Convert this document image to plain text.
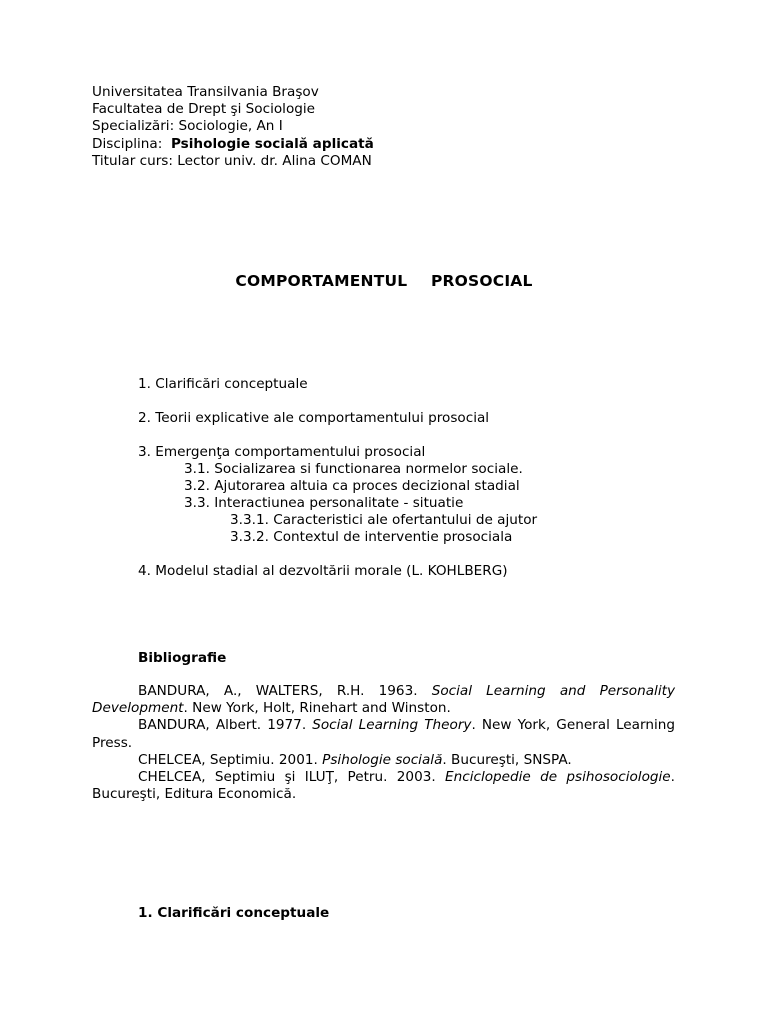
Universitatea Transilvania Braşov
Facultatea de Drept şi Sociologie
Specializări: Sociologie, An I
Disciplina: Psihologie socială aplicată
Titular curs: Lector univ. dr. Alina COMAN
COMPORTAMENTUL PROSOCIAL
1. Clarificări conceptuale
2. Teorii explicative ale comportamentului prosocial
3. Emergenţa comportamentului prosocial
3.1. Socializarea si functionarea normelor sociale.
3.2. Ajutorarea altuia ca proces decizional stadial
3.3. Interactiunea personalitate - situatie
3.3.1. Caracteristici ale ofertantului de ajutor
3.3.2. Contextul de interventie prosociala
4. Modelul stadial al dezvoltării morale (L. KOHLBERG)
Bibliografie

BANDURA, A., WALTERS, R.H. 1963. Social Learning and Personality Development. New York, Holt, Rinehart and Winston.

BANDURA, Albert. 1977. Social Learning Theory. New York, General Learning Press.

CHELCEA, Septimiu. 2001. Psihologie socială. Bucureşti, SNSPA.

CHELCEA, Septimiu şi ILUŢ, Petru. 2003. Enciclopedie de psihosociologie. Bucureşti, Editura Economică.

1. Clarificări conceptuale
